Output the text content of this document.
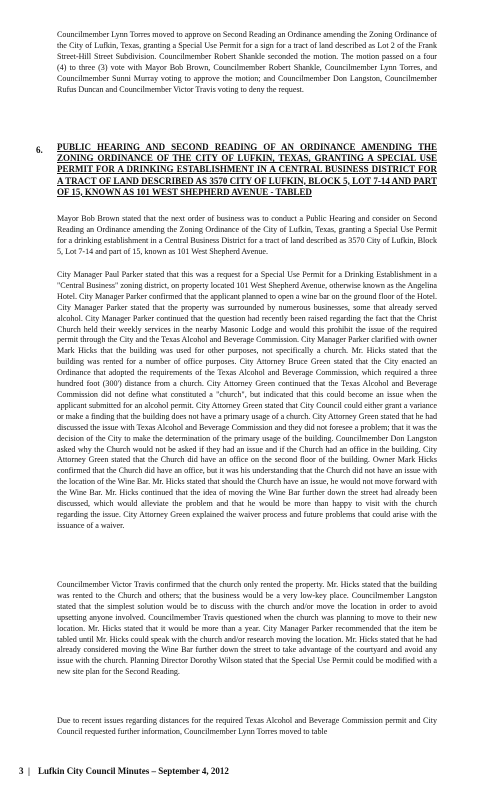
Councilmember Lynn Torres moved to approve on Second Reading an Ordinance amending the Zoning Ordinance of the City of Lufkin, Texas, granting a Special Use Permit for a sign for a tract of land described as Lot 2 of the Frank Street-Hill Street Subdivision. Councilmember Robert Shankle seconded the motion. The motion passed on a four (4) to three (3) vote with Mayor Bob Brown, Councilmember Robert Shankle, Councilmember Lynn Torres, and Councilmember Sunni Murray voting to approve the motion; and Councilmember Don Langston, Councilmember Rufus Duncan and Councilmember Victor Travis voting to deny the request.

6. PUBLIC HEARING AND SECOND READING OF AN ORDINANCE AMENDING THE ZONING ORDINANCE OF THE CITY OF LUFKIN, TEXAS, GRANTING A SPECIAL USE PERMIT FOR A DRINKING ESTABLISHMENT IN A CENTRAL BUSINESS DISTRICT FOR A TRACT OF LAND DESCRIBED AS 3570 CITY OF LUFKIN, BLOCK 5, LOT 7-14 AND PART OF 15, KNOWN AS 101 WEST SHEPHERD AVENUE - TABLED

Mayor Bob Brown stated that the next order of business was to conduct a Public Hearing and consider on Second Reading an Ordinance amending the Zoning Ordinance of the City of Lufkin, Texas, granting a Special Use Permit for a drinking establishment in a Central Business District for a tract of land described as 3570 City of Lufkin, Block 5, Lot 7-14 and part of 15, known as 101 West Shepherd Avenue.

City Manager Paul Parker stated that this was a request for a Special Use Permit for a Drinking Establishment in a "Central Business" zoning district, on property located 101 West Shepherd Avenue, otherwise known as the Angelina Hotel. City Manager Parker confirmed that the applicant planned to open a wine bar on the ground floor of the Hotel. City Manager Parker stated that the property was surrounded by numerous businesses, some that already served alcohol. City Manager Parker continued that the question had recently been raised regarding the fact that the Christ Church held their weekly services in the nearby Masonic Lodge and would this prohibit the issue of the required permit through the City and the Texas Alcohol and Beverage Commission. City Manager Parker clarified with owner Mark Hicks that the building was used for other purposes, not specifically a church. Mr. Hicks stated that the building was rented for a number of office purposes. City Attorney Bruce Green stated that the City enacted an Ordinance that adopted the requirements of the Texas Alcohol and Beverage Commission, which required a three hundred foot (300') distance from a church. City Attorney Green continued that the Texas Alcohol and Beverage Commission did not define what constituted a "church", but indicated that this could become an issue when the applicant submitted for an alcohol permit. City Attorney Green stated that City Council could either grant a variance or make a finding that the building does not have a primary usage of a church. City Attorney Green stated that he had discussed the issue with Texas Alcohol and Beverage Commission and they did not foresee a problem; that it was the decision of the City to make the determination of the primary usage of the building. Councilmember Don Langston asked why the Church would not be asked if they had an issue and if the Church had an office in the building. City Attorney Green stated that the Church did have an office on the second floor of the building. Owner Mark Hicks confirmed that the Church did have an office, but it was his understanding that the Church did not have an issue with the location of the Wine Bar. Mr. Hicks stated that should the Church have an issue, he would not move forward with the Wine Bar. Mr. Hicks continued that the idea of moving the Wine Bar further down the street had already been discussed, which would alleviate the problem and that he would be more than happy to visit with the church regarding the issue. City Attorney Green explained the waiver process and future problems that could arise with the issuance of a waiver.

Councilmember Victor Travis confirmed that the church only rented the property. Mr. Hicks stated that the building was rented to the Church and others; that the business would be a very low-key place. Councilmember Langston stated that the simplest solution would be to discuss with the church and/or move the location in order to avoid upsetting anyone involved. Councilmember Travis questioned when the church was planning to move to their new location. Mr. Hicks stated that it would be more than a year. City Manager Parker recommended that the item be tabled until Mr. Hicks could speak with the church and/or research moving the location. Mr. Hicks stated that he had already considered moving the Wine Bar further down the street to take advantage of the courtyard and avoid any issue with the church. Planning Director Dorothy Wilson stated that the Special Use Permit could be modified with a new site plan for the Second Reading.

Due to recent issues regarding distances for the required Texas Alcohol and Beverage Commission permit and City Council requested further information, Councilmember Lynn Torres moved to table

3 | Lufkin City Council Minutes – September 4, 2012
